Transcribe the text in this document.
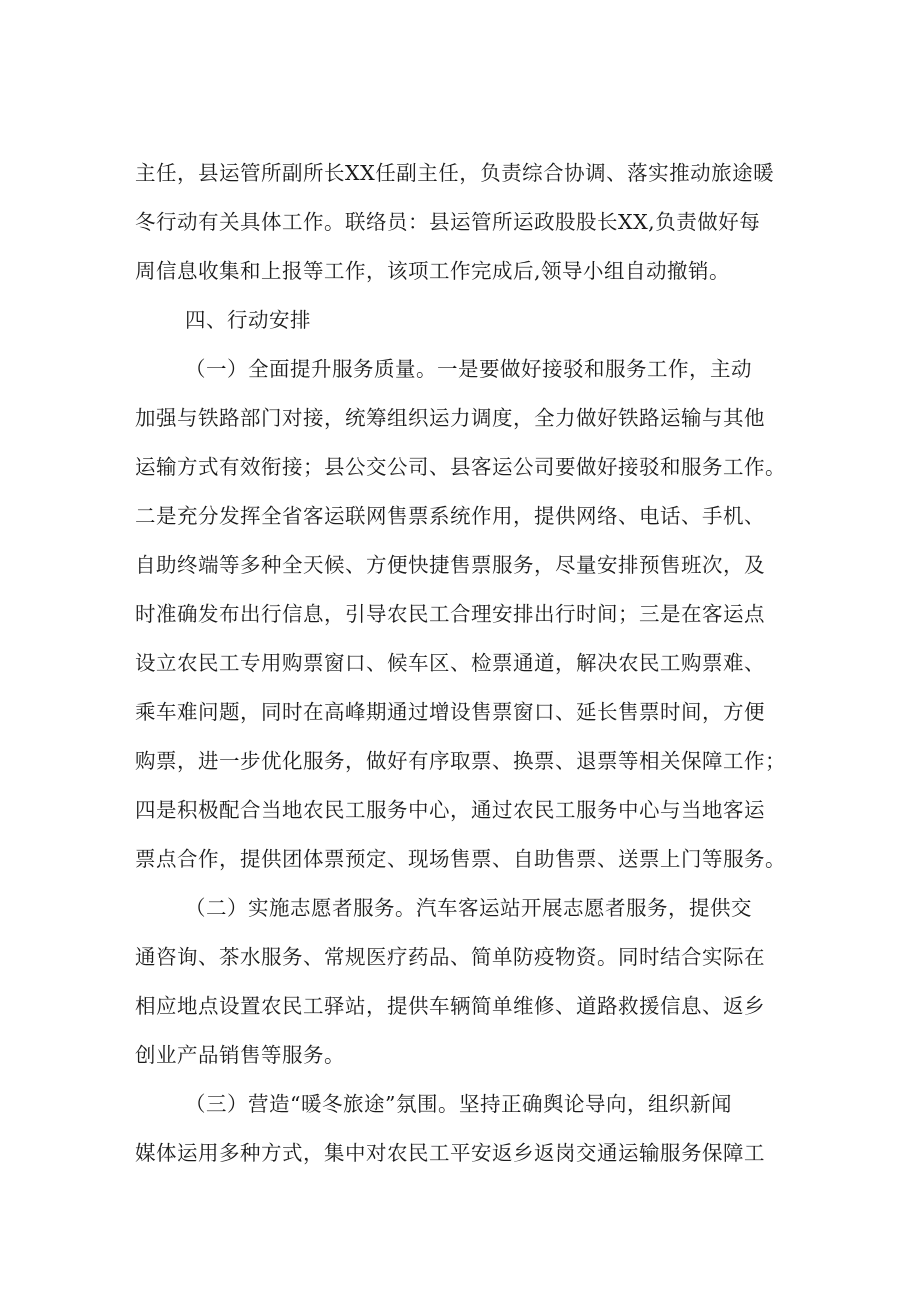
主任，县运管所副所长XX任副主任，负责综合协调、落实推动旅途暖
冬行动有关具体工作。联络员：县运管所运政股股长XX,负责做好每
周信息收集和上报等工作，该项工作完成后,领导小组自动撤销。
四、行动安排
（一）全面提升服务质量。一是要做好接驳和服务工作，主动
加强与铁路部门对接，统筹组织运力调度，全力做好铁路运输与其他
运输方式有效衔接；县公交公司、县客运公司要做好接驳和服务工作。
二是充分发挥全省客运联网售票系统作用，提供网络、电话、手机、
自助终端等多种全天候、方便快捷售票服务，尽量安排预售班次，及
时准确发布出行信息，引导农民工合理安排出行时间；三是在客运点
设立农民工专用购票窗口、候车区、检票通道，解决农民工购票难、
乘车难问题，同时在高峰期通过增设售票窗口、延长售票时间，方便
购票，进一步优化服务，做好有序取票、换票、退票等相关保障工作；
四是积极配合当地农民工服务中心，通过农民工服务中心与当地客运
票点合作，提供团体票预定、现场售票、自助售票、送票上门等服务。
（二）实施志愿者服务。汽车客运站开展志愿者服务，提供交
通咨询、茶水服务、常规医疗药品、简单防疫物资。同时结合实际在
相应地点设置农民工驿站，提供车辆简单维修、道路救援信息、返乡
创业产品销售等服务。
（三）营造“暖冬旅途”氛围。坚持正确舆论导向，组织新闻
媒体运用多种方式，集中对农民工平安返乡返岗交通运输服务保障工
